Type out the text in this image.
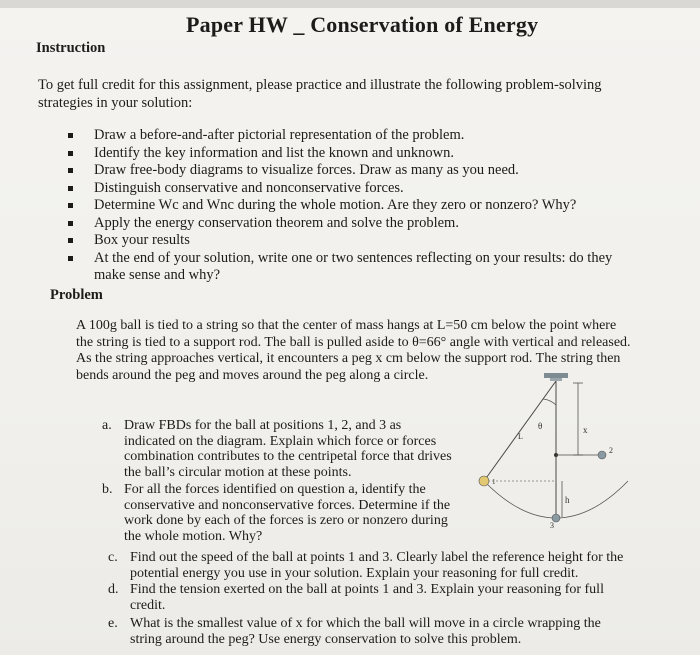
Paper HW _ Conservation of Energy
Instruction
To get full credit for this assignment, please practice and illustrate the following problem-solving strategies in your solution:
Draw a before-and-after pictorial representation of the problem.
Identify the key information and list the known and unknown.
Draw free-body diagrams to visualize forces. Draw as many as you need.
Distinguish conservative and nonconservative forces.
Determine Wc and Wnc during the whole motion. Are they zero or nonzero? Why?
Apply the energy conservation theorem and solve the problem.
Box your results
At the end of your solution, write one or two sentences reflecting on your results: do they make sense and why?
Problem
A 100g ball is tied to a string so that the center of mass hangs at L=50 cm below the point where the string is tied to a support rod. The ball is pulled aside to θ=66° angle with vertical and released. As the string approaches vertical, it encounters a peg x cm below the support rod. The string then bends around the peg and moves around the peg along a circle.
a. Draw FBDs for the ball at positions 1, 2, and 3 as indicated on the diagram. Explain which force or forces combination contributes to the centripetal force that drives the ball’s circular motion at these points.
b. For all the forces identified on question a, identify the conservative and nonconservative forces. Determine if the work done by each of the forces is zero or nonzero during the whole motion. Why?
c. Find out the speed of the ball at points 1 and 3. Clearly label the reference height for the potential energy you use in your solution. Explain your reasoning for full credit.
d. Find the tension exerted on the ball at points 1 and 3. Explain your reasoning for full credit.
e. What is the smallest value of x for which the ball will move in a circle wrapping the string around the peg? Use energy conservation to solve this problem.
θ
L
x
2
h
1
3
